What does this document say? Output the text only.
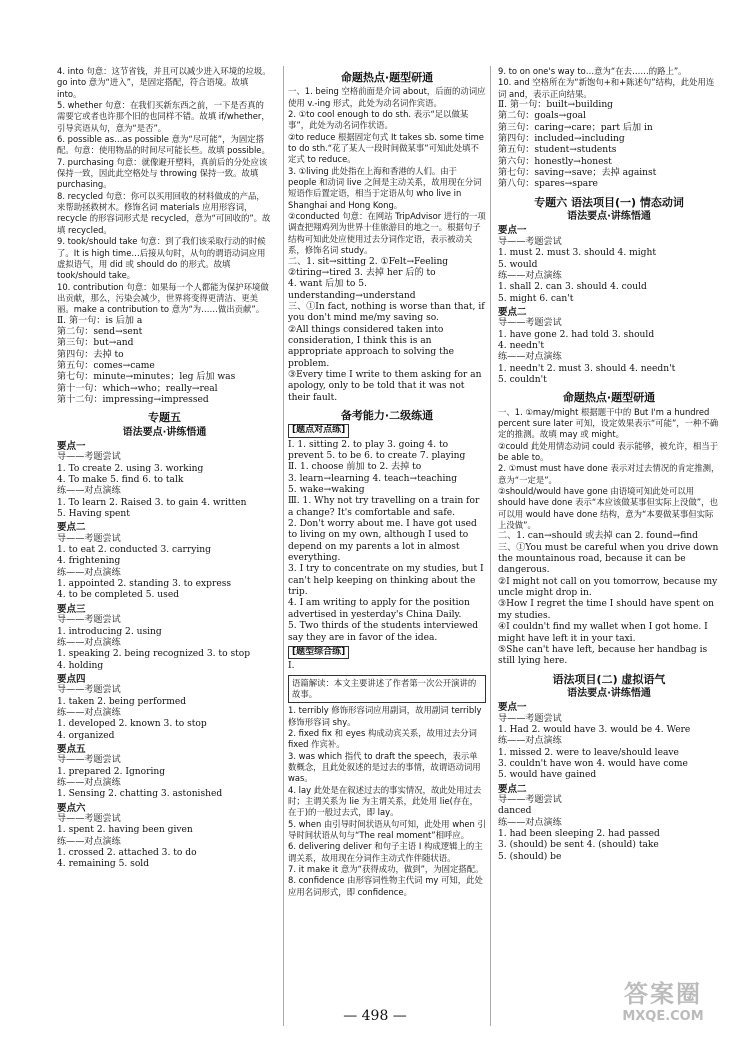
4. into 句意：这节省钱，并且可以减少进入环境的垃圾。go into 意为“进入”，是固定搭配，符合语境。故填 into。
5. whether 句意：在我们买新东西之前，一下是否真的需要它或者也许那个旧的也同样不错。故填 if/whether，引导宾语从句，意为“是否”。
6. possible as…as possible 意为“尽可能”，为固定搭配。句意：使用物品的时间尽可能长些。故填 possible。
7. purchasing 句意：就像避开塑料，真前后的分处应该保持一致，因此此空格处与 throwing 保持一致。故填 purchasing。
8. recycled 句意：你可以买用回收的材料做成的产品，来帮助拯救树木。修饰名词 materials 应用形容词，recycle 的形容词形式是 recycled，意为“可回收的”。故填 recycled。
9. took/should take 句意：到了我们该采取行动的时候了。It is high time…后接从句时，从句的谓语动词应用虚拟语气，用 did 或 should do 的形式。故填 took/should take。
10. contribution 句意：如果每一个人都能为保护环境做出贡献，那么，污染会减少，世界将变得更清洁、更美丽。make a contribution to 意为“为……做出贡献”。
Ⅱ. 第一句：is 后加 a
第二句：send→sent
第三句：but→and
第四句：去掉 to
第五句：comes→came
第七句：minute→minutes；leg 后加 was
第十一句：which→who；really→real
第十二句：impressing→impressed
专题五
语法要点·讲练悟通
要点一
导——考题尝试
1. To create 2. using 3. working
4. To make 5. find 6. to talk
练——对点演练
1. To learn 2. Raised 3. to gain 4. written
5. Having spent
要点二
导——考题尝试
1. to eat 2. conducted 3. carrying
4. frightening
练——对点演练
1. appointed 2. standing 3. to express
4. to be completed 5. used
要点三
导——考题尝试
1. introducing 2. using
练——对点演练
1. speaking 2. being recognized 3. to stop
4. holding
要点四
导——考题尝试
1. taken 2. being performed
练——对点演练
1. developed 2. known 3. to stop
4. organized
要点五
导——考题尝试
1. prepared 2. Ignoring
练——对点演练
1. Sensing 2. chatting 3. astonished
要点六
导——考题尝试
1. spent 2. having been given
练——对点演练
1. crossed 2. attached 3. to do
4. remaining 5. sold
命题热点·题型研通
一、1. being 空格前面是介词 about，后面的动词应使用 v.-ing 形式，此处为动名词作宾语。
2. ①to cool enough to do sth. 表示“足以做某事”，此处为动名词作状语。
②to reduce 根据固定句式 It takes sb. some time to do sth.“花了某人一段时间做某事”可知此处填不定式 to reduce。
3. ①living 此处指在上海和香港的人们。由于 people 和动词 live 之间是主动关系，故用现在分词短语作后置定语，相当于定语从句 who live in Shanghai and Hong Kong。
②conducted 句意：在网站 TripAdvisor 进行的一项调查把翔鸡列为世界十佳旅游目的地之一。根据句子结构可知此处应使用过去分词作定语，表示被动关系，修饰名词 study。
二、1. sit→sitting 2. ①Felt→Feeling
②tiring→tired 3. 去掉 her 后的 to
4. want 后加 to 5. understanding→understand
三、①In fact, nothing is worse than that, if you don't mind me/my saving so.
②All things considered taken into consideration, I think this is an appropriate approach to solving the problem.
③Every time I write to them asking for an apology, only to be told that it was not their fault.
备考能力·二级练通
[题点对点练]
Ⅰ. 1. sitting 2. to play 3. going 4. to prevent 5. to be 6. to create 7. playing
Ⅱ. 1. choose 前加 to 2. 去掉 to
3. learn→learning 4. teach→teaching
5. wake→waking
Ⅲ. 1. Why not try travelling on a train for a change? It's comfortable and safe.
2. Don't worry about me. I have got used to living on my own, although I used to depend on my parents a lot in almost everything.
3. I try to concentrate on my studies, but I can't help keeping on thinking about the trip.
4. I am writing to apply for the position advertised in yesterday's China Daily.
5. Two thirds of the students interviewed say they are in favor of the idea.
[题型综合练]
Ⅰ.
语篇解读：本文主要讲述了作者第一次公开演讲的故事。
1. terribly 修饰形容词应用副词，故用副词 terribly 修饰形容词 shy。
2. fixed fix 和 eyes 构成动宾关系，故用过去分词 fixed 作宾补。
3. was which 指代 to draft the speech，表示单数概念，且此处叙述的是过去的事情，故谓语动词用 was。
4. lay 此处是在叙述过去的事实情况，故此处用过去时；主谓关系为 lie 为主谓关系，此处用 lie(存在，在于)的一般过去式，即 lay。
5. when 由引导时间状语从句可知，此处用 when 引导时间状语从句与“The real moment”相呼应。
6. delivering deliver 和句子主语 I 构成逻辑上的主谓关系，故用现在分词作主动式作伴随状语。
7. it make it 意为“获得成功，做到”，为固定搭配。
8. confidence 由形容词性物主代词 my 可知，此处应用名词形式，即 confidence。
9. to on one's way to…意为“在去……的路上”。
10. and 空格所在为“新饱句+和+陈述句”结构，此处用连词 and，表示正向结果。
Ⅱ. 第一句：built→building
第二句：goals→goal
第三句：caring→care；part 后加 in
第四句：included→including
第五句：student→students
第六句：honestly→honest
第七句：saving→save；去掉 against
第八句：spares→spare
专题六 语法项目(一) 情态动词
语法要点·讲练悟通
要点一
导——考题尝试
1. must 2. must 3. should 4. might
5. would
练——对点演练
1. shall 2. can 3. should 4. could
5. might 6. can't
要点二
导——考题尝试
1. have gone 2. had told 3. should
4. needn't
练——对点演练
1. needn't 2. must 3. should 4. needn't
5. couldn't
命题热点·题型研通
一、1. ①may/might 根据题干中的 But I'm a hundred percent sure later 可知，设定效果表示“可能”，一种不确定的推测。故填 may 或 might。
②could 此处用情态动词 could 表示能够，被允许，相当于 be able to。
2. ①must must have done 表示对过去情况的肯定推测，意为“一定是”。
②should/would have gone 由语境可知此处可以用 should have done 表示“本应该做某事但实际上没做”，也可以用 would have done 结构，意为“本要做某事但实际上没做”。
二、1. can→should 或去掉 can 2. found→find
三、①You must be careful when you drive down the mountainous road, because it can be dangerous.
②I might not call on you tomorrow, because my uncle might drop in.
③How I regret the time I should have spent on my studies.
④I couldn't find my wallet when I got home. I might have left it in your taxi.
⑤She can't have left, because her handbag is still lying here.
语法项目(二) 虚拟语气
语法要点·讲练悟通
要点一
导——考题尝试
1. Had 2. would have 3. would be 4. Were
练——对点演练
1. missed 2. were to leave/should leave
3. couldn't have won 4. would have come
5. would have gained
要点二
导——考题尝试
danced
练——对点演练
1. had been sleeping 2. had passed
3. (should) be sent 4. (should) take
5. (should) be
— 498 —
答案圈
MXQE.COM
